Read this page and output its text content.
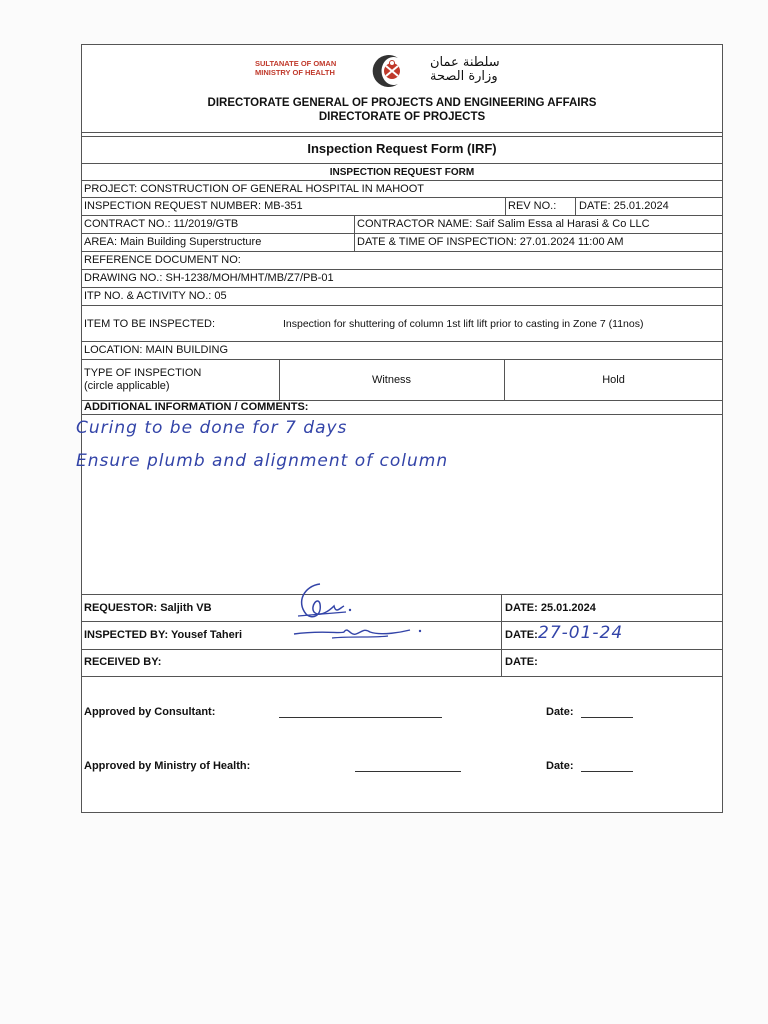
SULTANATE OF OMAN
MINISTRY OF HEALTH
سلطنة عمان
وزارة الصحة
DIRECTORATE GENERAL OF PROJECTS AND ENGINEERING AFFAIRS
DIRECTORATE OF PROJECTS
Inspection Request Form (IRF)
INSPECTION REQUEST FORM
PROJECT: CONSTRUCTION OF GENERAL HOSPITAL IN MAHOOT
INSPECTION REQUEST NUMBER: MB-351	REV NO.: DATE: 25.01.2024
CONTRACT NO.: 11/2019/GTB	CONTRACTOR NAME: Saif Salim Essa al Harasi & Co LLC
AREA: Main Building Superstructure	DATE & TIME OF INSPECTION: 27.01.2024 11:00 AM
REFERENCE DOCUMENT NO:
DRAWING NO.: SH-1238/MOH/MHT/MB/Z7/PB-01
ITP NO. & ACTIVITY NO.: 05
ITEM TO BE INSPECTED:	Inspection for shuttering of column 1st lift lift prior to casting in Zone 7 (11nos)
LOCATION: MAIN BUILDING
TYPE OF INSPECTION
(circle applicable)	Witness	Hold
ADDITIONAL INFORMATION / COMMENTS:
Curing to be done for 7 days
Ensure plumb and alignment of column
REQUESTOR: Saljith VB	DATE: 25.01.2024
INSPECTED BY: Yousef Taheri	DATE: 27-01-24
RECEIVED BY:	DATE:
Approved by Consultant:	Date:
Approved by Ministry of Health:	Date:
